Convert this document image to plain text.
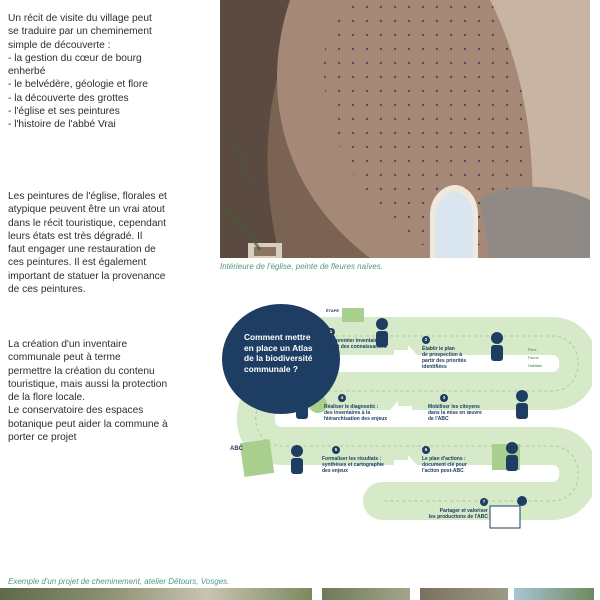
Un récit de visite du village peut

se traduire par un cheminement

simple de découverte :

- la gestion du cœur de bourg

enherbé

- le belvédère, géologie et flore

- la découverte des grottes

- l'église et ses peintures

- l'histoire de l'abbé Vrai

Intérieure de l'église, peinte de fleures naïves.

Les peintures de l'église, florales et

atypique peuvent être un vrai atout

dans le récit touristique, cependant

leurs états est très dégradé. Il

faut engager une restauration de

ces peintures. Il est également

important de statuer la provenance

de ces peintures.

La création d'un inventaire

communale peut à terme

permettre la création du contenu

touristique, mais aussi la protection

de la flore locale.

Le conservatoire des espaces

botanique peut aider la commune à

porter ce projet

Comment mettre
en place un Atlas
de la biodiversité
communale ?
ÉTAPE
1
Un premier inventaire,
celui des connaissances
2
Établir le plan
de prospection à
partir des priorités
identifiées
Flore
Faune
Habitats
3
Mobiliser les citoyens
dans la mise en œuvre
de l'ABC
4
Réaliser le diagnostic :
des inventaires à la
hiérarchisation des enjeux
5
Formaliser les résultats :
synthèses et cartographie
des enjeux
6
Le plan d'actions :
document clé pour
l'action post-ABC
ABC
7
Partager et valoriser
les productions de l'ABC
Exemple d'un projet de cheminement, atelier Détours, Vosges.
